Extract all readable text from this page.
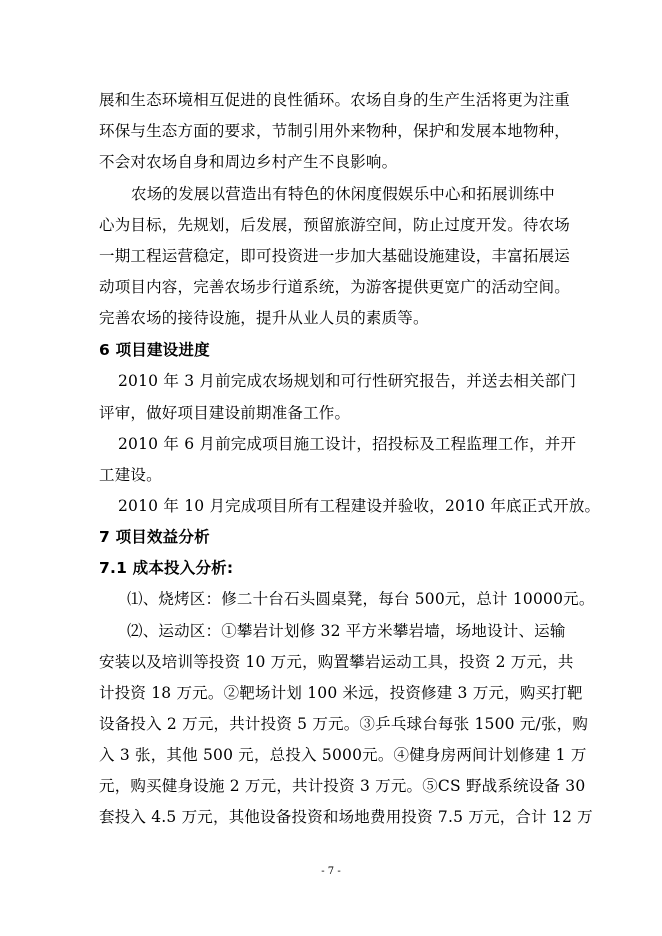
展和生态环境相互促进的良性循环。农场自身的生产生活将更为注重
环保与生态方面的要求，节制引用外来物种，保护和发展本地物种，
不会对农场自身和周边乡村产生不良影响。
农场的发展以营造出有特色的休闲度假娱乐中心和拓展训练中
心为目标，先规划，后发展，预留旅游空间，防止过度开发。待农场
一期工程运营稳定，即可投资进一步加大基础设施建设，丰富拓展运
动项目内容，完善农场步行道系统，为游客提供更宽广的活动空间。
完善农场的接待设施，提升从业人员的素质等。
6 项目建设进度
2010 年 3 月前完成农场规划和可行性研究报告，并送去相关部门
评审，做好项目建设前期准备工作。
2010 年 6 月前完成项目施工设计，招投标及工程监理工作，并开
工建设。
2010 年 10 月完成项目所有工程建设并验收，2010 年底正式开放。
7 项目效益分析
7.1 成本投入分析:
⑴、烧烤区：修二十台石头圆桌凳，每台 500元，总计 10000元。
⑵、运动区：①攀岩计划修 32 平方米攀岩墙，场地设计、运输
安装以及培训等投资 10 万元，购置攀岩运动工具，投资 2 万元，共
计投资 18 万元。②靶场计划 100 米远，投资修建 3 万元，购买打靶
设备投入 2 万元，共计投资 5 万元。③乒乓球台每张 1500 元/张，购
入 3 张，其他 500 元，总投入 5000元。④健身房两间计划修建 1 万
元，购买健身设施 2 万元，共计投资 3 万元。⑤CS 野战系统设备 30
套投入 4.5 万元，其他设备投资和场地费用投资 7.5 万元，合计 12 万
- 7 -
